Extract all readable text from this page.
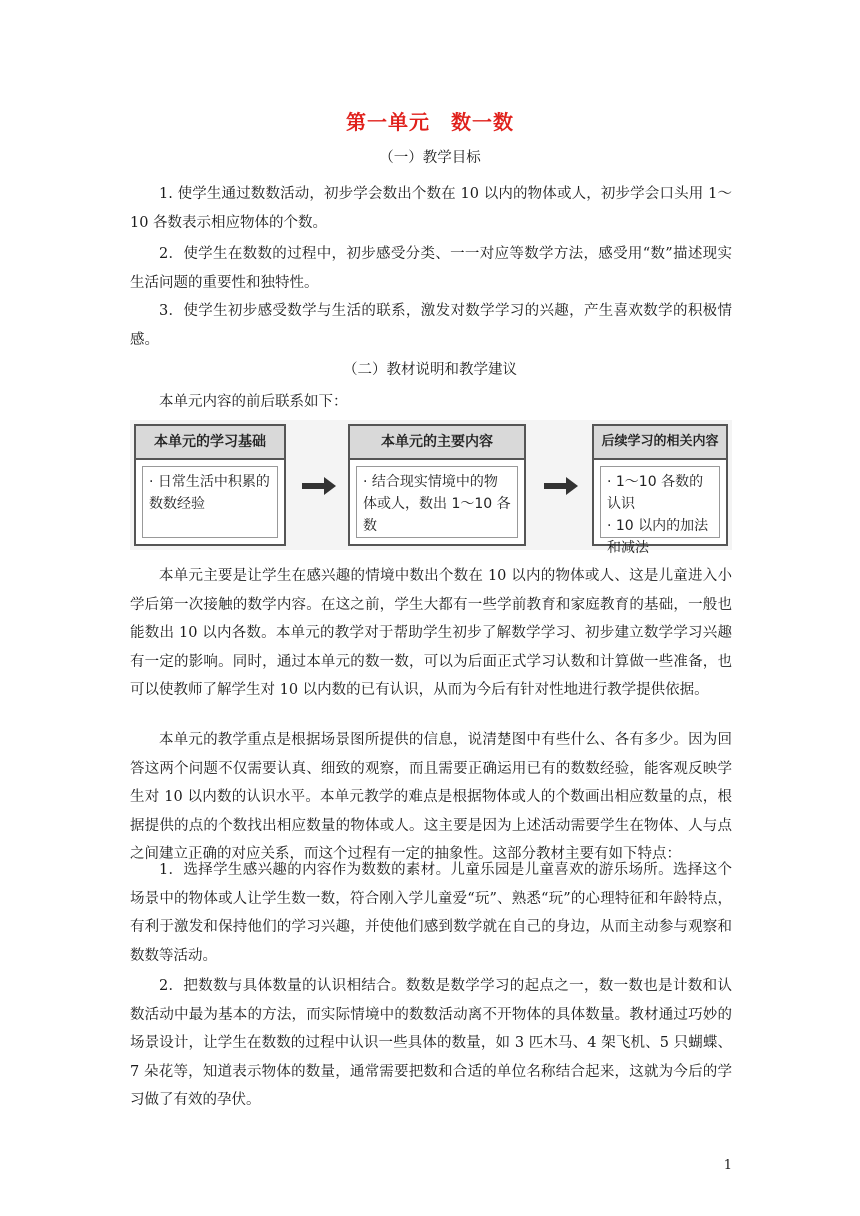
第一单元　数一数
（一）教学目标

1. 使学生通过数数活动，初步学会数出个数在 10 以内的物体或人，初步学会口头用 1～10 各数表示相应物体的个数。

2．使学生在数数的过程中，初步感受分类、一一对应等数学方法，感受用“数”描述现实生活问题的重要性和独特性。

3．使学生初步感受数学与生活的联系，激发对数学学习的兴趣，产生喜欢数学的积极情感。

（二）教材说明和教学建议

本单元内容的前后联系如下：

本单元的学习基础
· 日常生活中积累的数数经验
本单元的主要内容
· 结合现实情境中的物体或人，数出 1～10 各数
后续学习的相关内容
· 1～10 各数的认识
· 10 以内的加法和减法

本单元主要是让学生在感兴趣的情境中数出个数在 10 以内的物体或人、这是儿童进入小学后第一次接触的数学内容。在这之前，学生大都有一些学前教育和家庭教育的基础，一般也能数出 10 以内各数。本单元的教学对于帮助学生初步了解数学学习、初步建立数学学习兴趣有一定的影响。同时，通过本单元的数一数，可以为后面正式学习认数和计算做一些准备，也可以使教师了解学生对 10 以内数的已有认识，从而为今后有针对性地进行教学提供依据。

本单元的教学重点是根据场景图所提供的信息，说清楚图中有些什么、各有多少。因为回答这两个问题不仅需要认真、细致的观察，而且需要正确运用已有的数数经验，能客观反映学生对 10 以内数的认识水平。本单元教学的难点是根据物体或人的个数画出相应数量的点，根据提供的点的个数找出相应数量的物体或人。这主要是因为上述活动需要学生在物体、人与点之间建立正确的对应关系，而这个过程有一定的抽象性。这部分教材主要有如下特点：

1．选择学生感兴趣的内容作为数数的素材。儿童乐园是儿童喜欢的游乐场所。选择这个场景中的物体或人让学生数一数，符合刚入学儿童爱“玩”、熟悉“玩”的心理特征和年龄特点，有利于激发和保持他们的学习兴趣，并使他们感到数学就在自己的身边，从而主动参与观察和数数等活动。

2．把数数与具体数量的认识相结合。数数是数学学习的起点之一，数一数也是计数和认数活动中最为基本的方法，而实际情境中的数数活动离不开物体的具体数量。教材通过巧妙的场景设计，让学生在数数的过程中认识一些具体的数量，如 3 匹木马、4 架飞机、5 只蝴蝶、7 朵花等，知道表示物体的数量，通常需要把数和合适的单位名称结合起来，这就为今后的学习做了有效的孕伏。

1
